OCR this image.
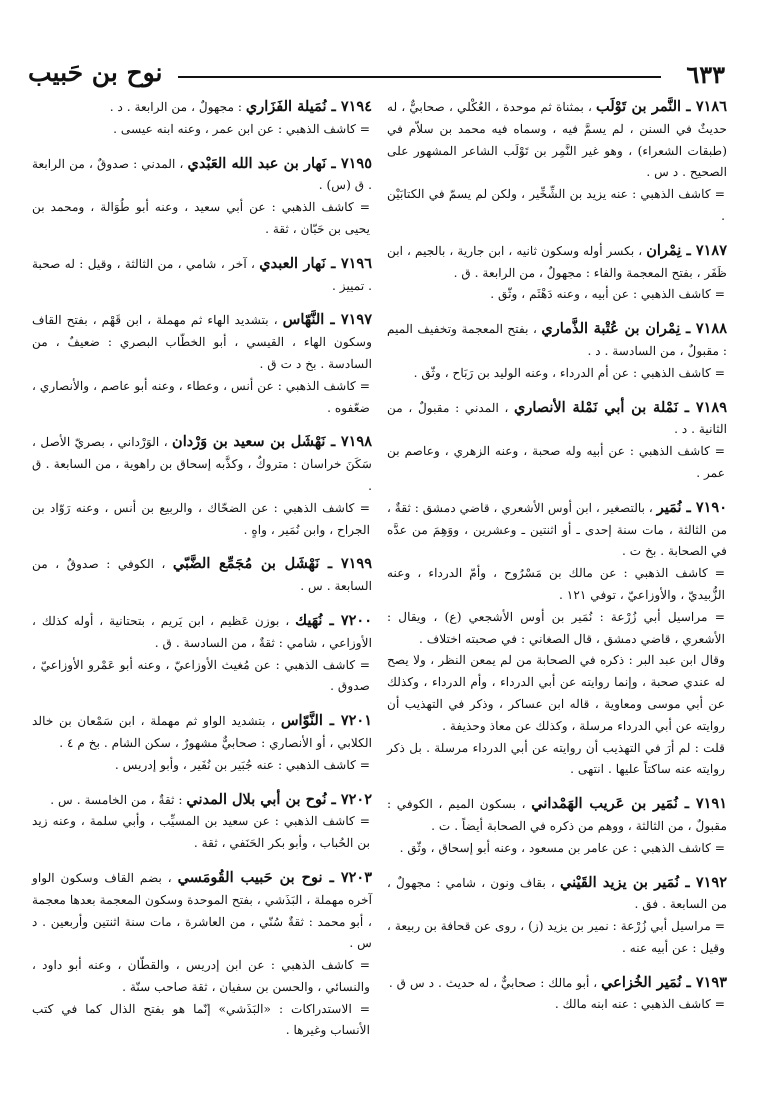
٦٣٣
نوح بن حَبيب

٧١٨٦ ـ النَّمر بن تَوْلَب ، بمثناة ثم موحدة ، العُكْلي ، صحابيٌّ ، له حديثٌ في السنن ، لم يسمَّ فيه ، وسماه فيه محمد بن سلاّم في (طبقات الشعراء) ، وهو غير النَّمِر بن تَوْلَب الشاعر المشهور على الصحيح . د س .

= كاشف الذهبي : عنه يزيد بن الشِّخِّير ، ولكن لم يسمّ في الكتابَيْن .

٧١٨٧ ـ نِمْران ، بكسر أوله وسكون ثانيه ، ابن جارية ، بالجيم ، ابن ظَفَر ، بفتح المعجمة والفاء : مجهولٌ ، من الرابعة . ق .

= كاشف الذهبي : عن أبيه ، وعنه دَهْثَم ، وثّق .

٧١٨٨ ـ نِمْران بن عُتْبة الذَّماري ، بفتح المعجمة وتخفيف الميم : مقبولٌ ، من السادسة . د .

= كاشف الذهبي : عن أم الدرداء ، وعنه الوليد بن رَبَاح ، وثّق .

٧١٨٩ ـ نَمْلة بن أبي نَمْلة الأنصاري ، المدني : مقبولٌ ، من الثانية . د .

= كاشف الذهبي : عن أبيه وله صحبة ، وعنه الزهري ، وعاصم بن عمر .

٧١٩٠ ـ نُمَير ، بالتصغير ، ابن أوس الأشعري ، قاضي دمشق : ثقةٌ ، من الثالثة ، مات سنة إحدى ـ أو اثنتين ـ وعشرين ، ووَهِمَ من عدَّه في الصحابة . بخ ت .

= كاشف الذهبي : عن مالك بن مَسْرُوح ، وأمّ الدرداء ، وعنه الزُّبيديّ ، والأوزاعيّ ، توفي ١٢١ .

= مراسيل أبي زُرْعة : نُمَير بن أوس الأشجعي (ع) ، ويقال : الأشعري ، قاضي دمشق ، قال الصغاني : في صحبته اختلاف .

وقال ابن عبد البر : ذكره في الصحابة من لم يمعن النظر ، ولا يصح له عندي صحبة ، وإنما روايته عن أبي الدرداء ، وأم الدرداء ، وكذلك عن أبي موسى ومعاوية ، قاله ابن عساكر ، وذكر في التهذيب أن روايته عن أبي الدرداء مرسلة ، وكذلك عن معاذ وحذيفة .

قلت : لم أرَ في التهذيب أن روايته عن أبي الدرداء مرسلة . بل ذكر روايته عنه ساكتاً عليها . انتهى .

٧١٩١ ـ نُمَير بن عَريب الهَمْداني ، بسكون الميم ، الكوفي : مقبولٌ ، من الثالثة ، ووهم من ذكره في الصحابة أيضاً . ت .

= كاشف الذهبي : عن عامر بن مسعود ، وعنه أبو إسحاق ، وثّق .

٧١٩٢ ـ نُمَير بن يزيد القَيْني ، بقاف ونون ، شامي : مجهولٌ ، من السابعة . فق .

= مراسيل أبي زُرْعة : نمير بن يزيد (ز) ، روى عن قحافة بن ربيعة ، وقيل : عن أبيه عنه .

٧١٩٣ ـ نُمَير الخُزاعي ، أبو مالك : صحابيٌّ ، له حديث . د س ق .

= كاشف الذهبي : عنه ابنه مالك .

٧١٩٤ ـ نُمَيلة الفَزَاري : مجهولٌ ، من الرابعة . د .

= كاشف الذهبي : عن ابن عمر ، وعنه ابنه عيسى .

٧١٩٥ ـ نَهار بن عبد الله العَبْدي ، المدني : صدوقٌ ، من الرابعة . ق (س) .

= كاشف الذهبي : عن أبي سعيد ، وعنه أبو طُوَالة ، ومحمد بن يحيى بن حَبّان ، ثقة .

٧١٩٦ ـ نَهار العبدي ، آخر ، شامي ، من الثالثة ، وقيل : له صحبة . تمييز .

٧١٩٧ ـ النَّهّاس ، بتشديد الهاء ثم مهملة ، ابن قَهْم ، بفتح القاف وسكون الهاء ، القيسي ، أبو الخطّاب البصري : ضعيفٌ ، من السادسة . بخ د ت ق .

= كاشف الذهبي : عن أنس ، وعطاء ، وعنه أبو عاصم ، والأنصاري ، ضعّفوه .

٧١٩٨ ـ نَهْشَل بن سعيد بن وَرْدان ، الوَرْداني ، بصريّ الأصل ، سَكَنَ خراسان : متروكٌ ، وكذَّبه إسحاق بن راهوية ، من السابعة . ق .

= كاشف الذهبي : عن الضحّاك ، والربيع بن أنس ، وعنه رَوّاد بن الجراح ، وابن نُمَير ، واهٍ .

٧١٩٩ ـ نَهْشَل بن مُجَمِّع الضَّبّي ، الكوفي : صدوقٌ ، من السابعة . س .

٧٢٠٠ ـ نُهَيك ، بوزن عَظيم ، ابن يَريم ، بتحتانية ، أوله كذلك ، الأوزاعي ، شامي : ثقةٌ ، من السادسة . ق .

= كاشف الذهبي : عن مُغيث الأوزاعيّ ، وعنه أبو عَمْرو الأوزاعيّ ، صدوق .

٧٢٠١ ـ النَّوّاس ، بتشديد الواو ثم مهملة ، ابن سَمْعان بن خالد الكلابي ، أو الأنصاري : صحابيٌّ مشهورٌ ، سكن الشام . بخ م ٤ .

= كاشف الذهبي : عنه جُبَير بن نُفَير ، وأبو إدريس .

٧٢٠٢ ـ نُوح بن أبي بلال المدني : ثقةٌ ، من الخامسة . س .

= كاشف الذهبي : عن سعيد بن المسيِّب ، وأبي سلمة ، وعنه زيد بن الحُباب ، وأبو بكر الحَنَفي ، ثقة .

٧٢٠٣ ـ نوح بن حَبيب القُومَسي ، بضم القاف وسكون الواو آخره مهملة ، البَذَشي ، بفتح الموحدة وسكون المعجمة بعدها معجمة ، أبو محمد : ثقةٌ سُنّي ، من العاشرة ، مات سنة اثنتين وأربعين . د س .

= كاشف الذهبي : عن ابن إدريس ، والقطّان ، وعنه أبو داود ، والنسائي ، والحسن بن سفيان ، ثقة صاحب سنّة .

= الاستدراكات : «البَذَشي» إنّما هو بفتح الذال كما في كتب الأنساب وغيرها .
